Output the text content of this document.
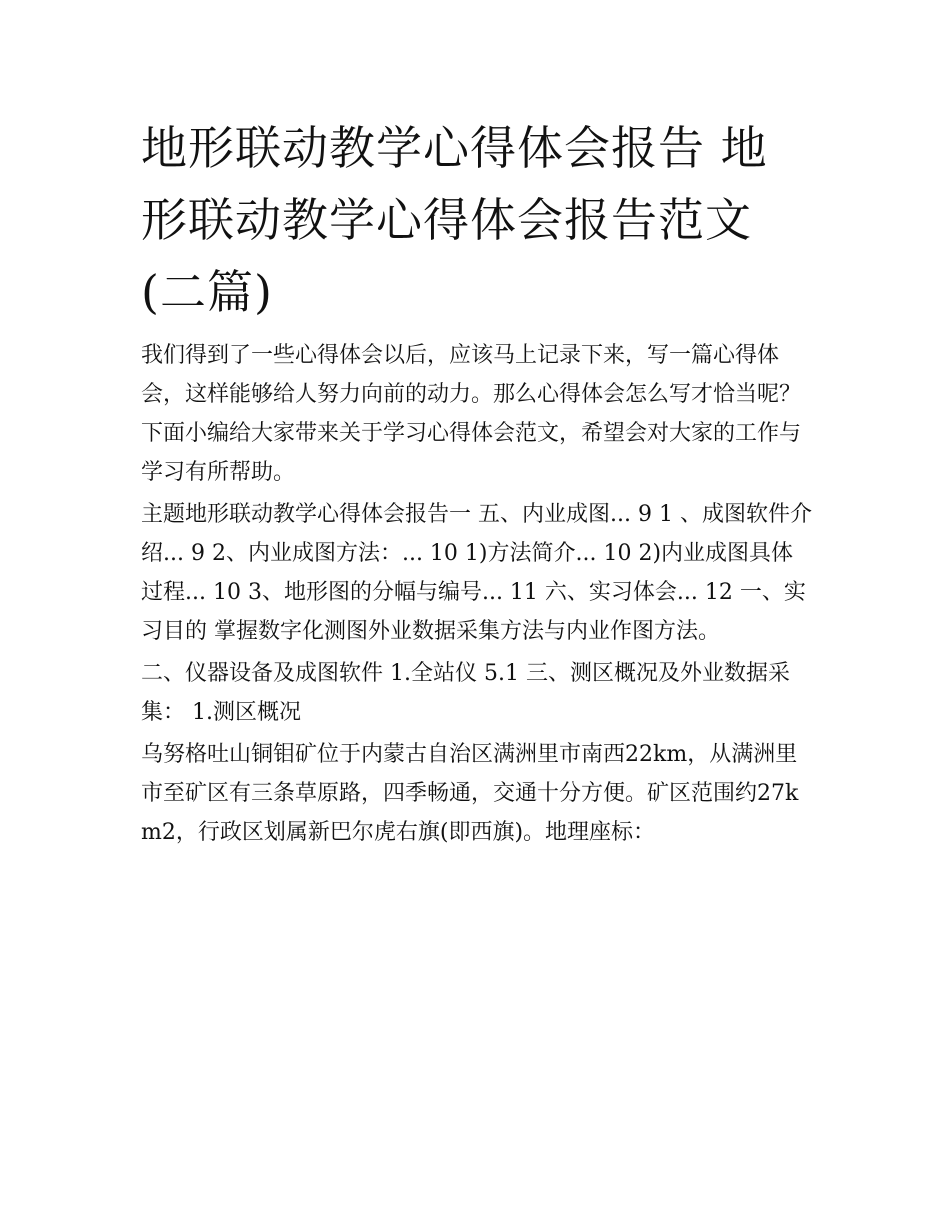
地形联动教学心得体会报告 地形联动教学心得体会报告范文(二篇)

我们得到了一些心得体会以后，应该马上记录下来，写一篇心得体会，这样能够给人努力向前的动力。那么心得体会怎么写才恰当呢？下面小编给大家带来关于学习心得体会范文，希望会对大家的工作与学习有所帮助。

主题地形联动教学心得体会报告一 五、内业成图... 9 1 、成图软件介绍... 9 2、内业成图方法：... 10 1)方法简介... 10 2)内业成图具体过程... 10 3、地形图的分幅与编号... 11 六、实习体会... 12 一、实习目的 掌握数字化测图外业数据采集方法与内业作图方法。

二、仪器设备及成图软件 1.全站仪 5.1 三、测区概况及外业数据采集： 1.测区概况

乌努格吐山铜钼矿位于内蒙古自治区满洲里市南西22km，从满洲里市至矿区有三条草原路，四季畅通，交通十分方便。矿区范围约27km2，行政区划属新巴尔虎右旗(即西旗)。地理座标：
